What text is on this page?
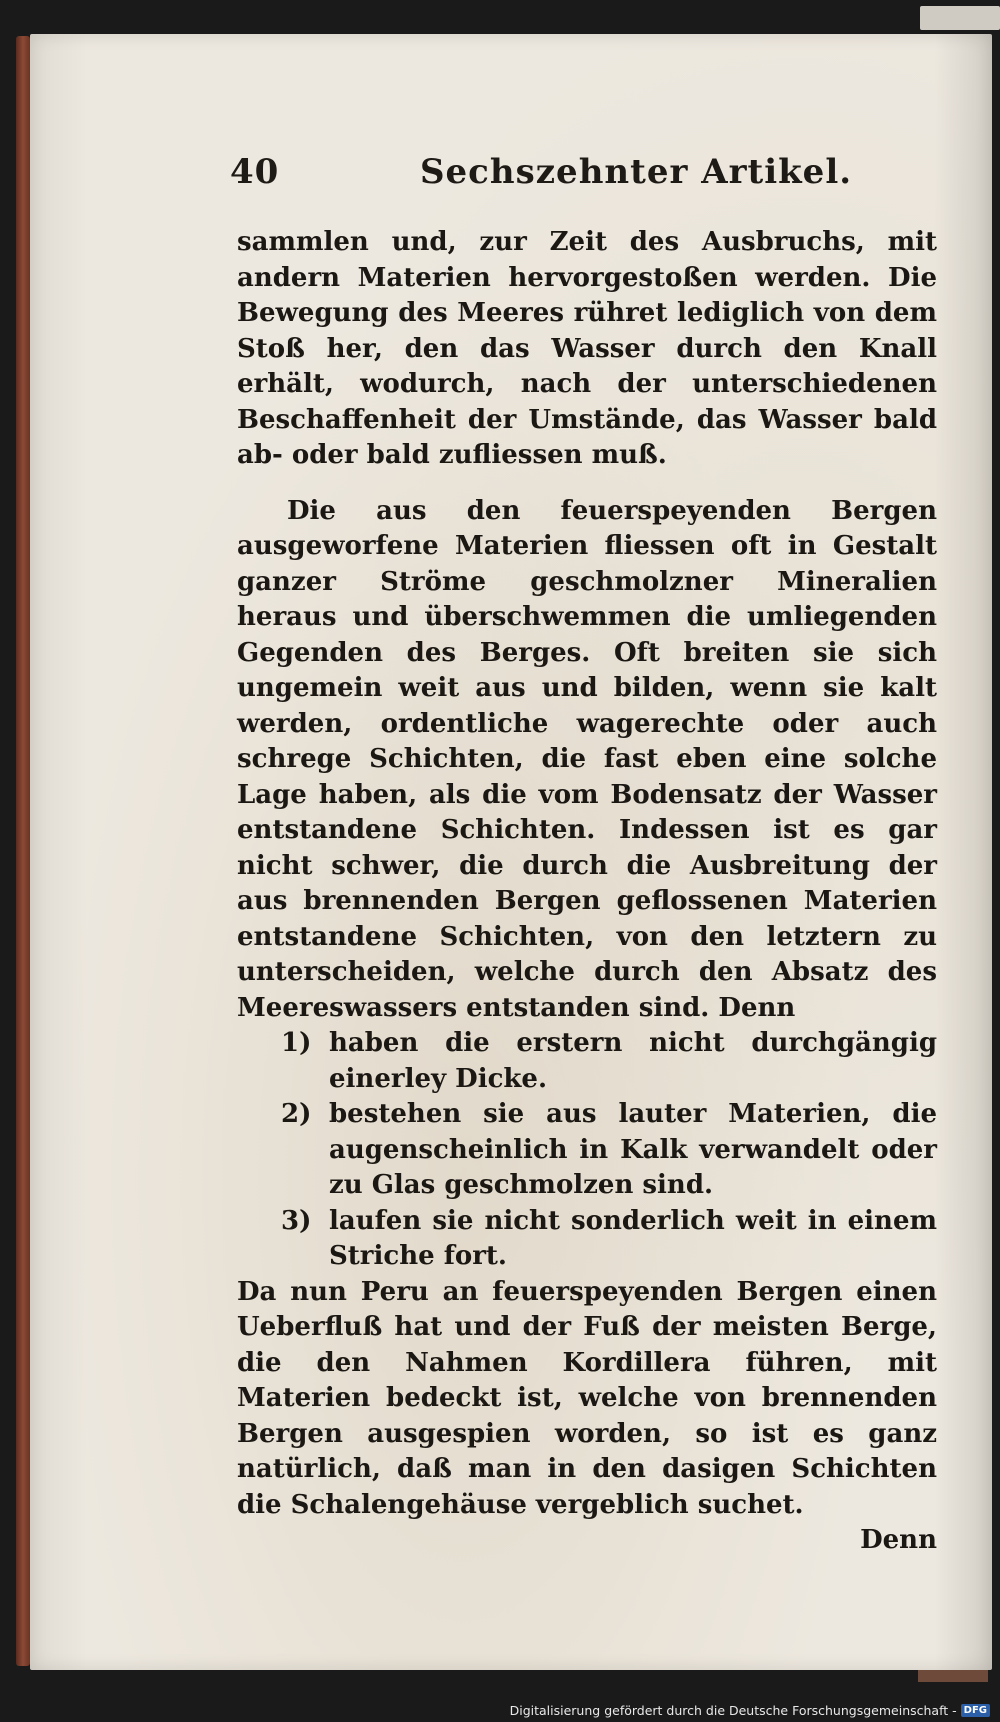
40	Sechszehnter Artikel.

sammlen und, zur Zeit des Ausbruchs, mit andern Materien hervorgestoßen werden. Die Bewegung des Meeres rühret lediglich von dem Stoß her, den das Wasser durch den Knall erhält, wodurch, nach der unterschiedenen Beschaffenheit der Umstände, das Wasser bald ab- oder bald zufliessen muß.

Die aus den feuerspeyenden Bergen ausgeworfene Materien fliessen oft in Gestalt ganzer Ströme geschmolzner Mineralien heraus und überschwemmen die umliegenden Gegenden des Berges. Oft breiten sie sich ungemein weit aus und bilden, wenn sie kalt werden, ordentliche wagerechte oder auch schrege Schichten, die fast eben eine solche Lage haben, als die vom Bodensatz der Wasser entstandene Schichten. Indessen ist es gar nicht schwer, die durch die Ausbreitung der aus brennenden Bergen geflossenen Materien entstandene Schichten, von den letztern zu unterscheiden, welche durch den Absatz des Meereswassers entstanden sind. Denn

1) haben die erstern nicht durchgängig einerley Dicke.
2) bestehen sie aus lauter Materien, die augenscheinlich in Kalk verwandelt oder zu Glas geschmolzen sind.
3) laufen sie nicht sonderlich weit in einem Striche fort.

Da nun Peru an feuerspeyenden Bergen einen Ueberfluß hat und der Fuß der meisten Berge, die den Nahmen Kordillera führen, mit Materien bedeckt ist, welche von brennenden Bergen ausgespien worden, so ist es ganz natürlich, daß man in den dasigen Schichten die Schalengehäuse vergeblich suchet.

Denn

Digitalisierung gefördert durch die Deutsche Forschungsgemeinschaft - DFG
